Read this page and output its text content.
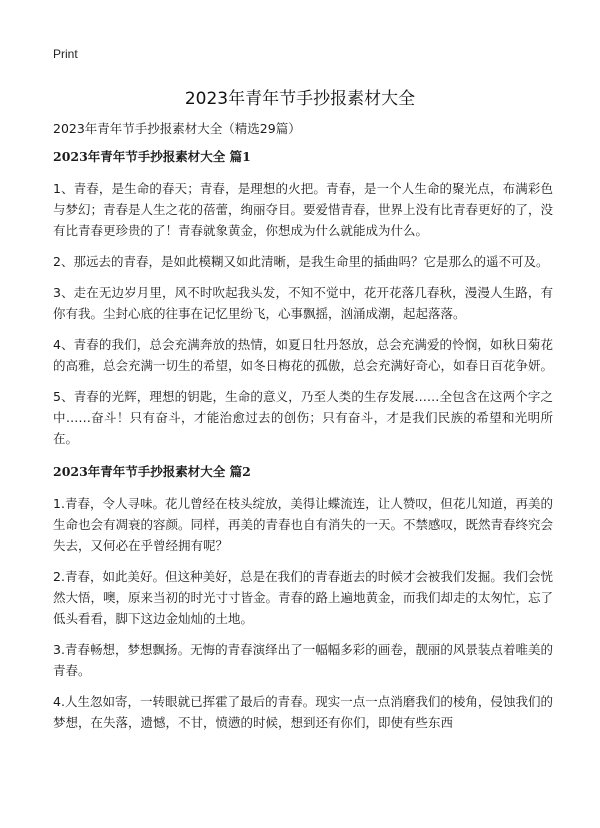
Print
2023年青年节手抄报素材大全

2023年青年节手抄报素材大全（精选29篇）

2023年青年节手抄报素材大全 篇1

1、青春，是生命的春天；青春，是理想的火把。青春，是一个人生命的聚光点，布满彩色与梦幻；青春是人生之花的蓓蕾，绚丽夺目。要爱惜青春，世界上没有比青春更好的了，没有比青春更珍贵的了！青春就象黄金，你想成为什么就能成为什么。

2、那远去的青春，是如此模糊又如此清晰，是我生命里的插曲吗？它是那么的遥不可及。

3、走在无边岁月里，风不时吹起我头发，不知不觉中，花开花落几春秋，漫漫人生路，有你有我。尘封心底的往事在记忆里纷飞，心事飘摇，汹涌成潮，起起落落。

4、青春的我们，总会充满奔放的热情，如夏日牡丹怒放，总会充满爱的怜悯，如秋日菊花的高雅，总会充满一切生的希望，如冬日梅花的孤傲，总会充满好奇心，如春日百花争妍。

5、青春的光辉，理想的钥匙，生命的意义，乃至人类的生存发展……全包含在这两个字之中……奋斗！只有奋斗，才能治愈过去的创伤；只有奋斗，才是我们民族的希望和光明所在。

2023年青年节手抄报素材大全 篇2

1.青春，令人寻味。花儿曾经在枝头绽放，美得让蝶流连，让人赞叹，但花儿知道，再美的生命也会有凋衰的容颜。同样，再美的青春也自有消失的一天。不禁感叹，既然青春终究会失去，又何必在乎曾经拥有呢？

2.青春，如此美好。但这种美好，总是在我们的青春逝去的时候才会被我们发掘。我们会恍然大悟，噢，原来当初的时光寸寸皆金。青春的路上遍地黄金，而我们却走的太匆忙，忘了低头看看，脚下这边金灿灿的土地。

3.青春畅想，梦想飘扬。无悔的青春演绎出了一幅幅多彩的画卷，靓丽的风景装点着唯美的青春。

4.人生忽如寄，一转眼就已挥霍了最后的青春。现实一点一点消磨我们的棱角，侵蚀我们的梦想，在失落，遗憾，不甘，愤懑的时候，想到还有你们，即使有些东西
